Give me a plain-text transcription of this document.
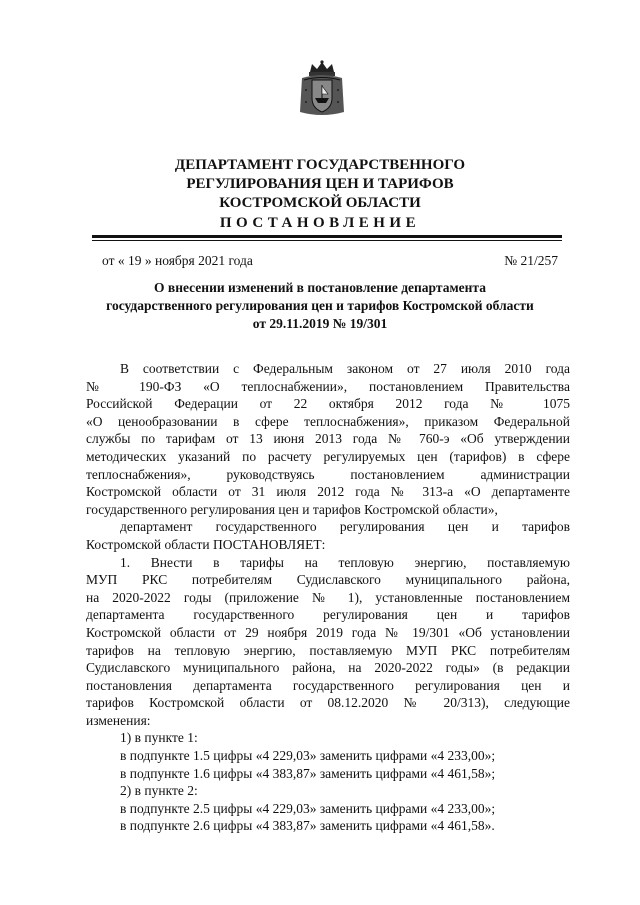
ДЕПАРТАМЕНТ ГОСУДАРСТВЕННОГО
РЕГУЛИРОВАНИЯ ЦЕН И ТАРИФОВ
КОСТРОМСКОЙ ОБЛАСТИ
ПОСТАНОВЛЕНИЕ
от « 19 » ноября 2021 года	№ 21/257
О внесении изменений в постановление департамента
государственного регулирования цен и тарифов Костромской области
от 29.11.2019 № 19/301
В соответствии с Федеральным законом от 27 июля 2010 года
№ 190-ФЗ «О теплоснабжении», постановлением Правительства
Российской Федерации от 22 октября 2012 года № 1075
«О ценообразовании в сфере теплоснабжения», приказом Федеральной
службы по тарифам от 13 июня 2013 года № 760-э «Об утверждении
методических указаний по расчету регулируемых цен (тарифов) в сфере
теплоснабжения», руководствуясь постановлением администрации
Костромской области от 31 июля 2012 года № 313-а «О департаменте
государственного регулирования цен и тарифов Костромской области»,
департамент государственного регулирования цен и тарифов
Костромской области ПОСТАНОВЛЯЕТ:
1. Внести в тарифы на тепловую энергию, поставляемую
МУП РКС потребителям Судиславского муниципального района,
на 2020-2022 годы (приложение № 1), установленные постановлением
департамента государственного регулирования цен и тарифов
Костромской области от 29 ноября 2019 года № 19/301 «Об установлении
тарифов на тепловую энергию, поставляемую МУП РКС потребителям
Судиславского муниципального района, на 2020-2022 годы» (в редакции
постановления департамента государственного регулирования цен и
тарифов Костромской области от 08.12.2020 № 20/313), следующие
изменения:
1) в пункте 1:
в подпункте 1.5 цифры «4 229,03» заменить цифрами «4 233,00»;
в подпункте 1.6 цифры «4 383,87» заменить цифрами «4 461,58»;
2) в пункте 2:
в подпункте 2.5 цифры «4 229,03» заменить цифрами «4 233,00»;
в подпункте 2.6 цифры «4 383,87» заменить цифрами «4 461,58».
